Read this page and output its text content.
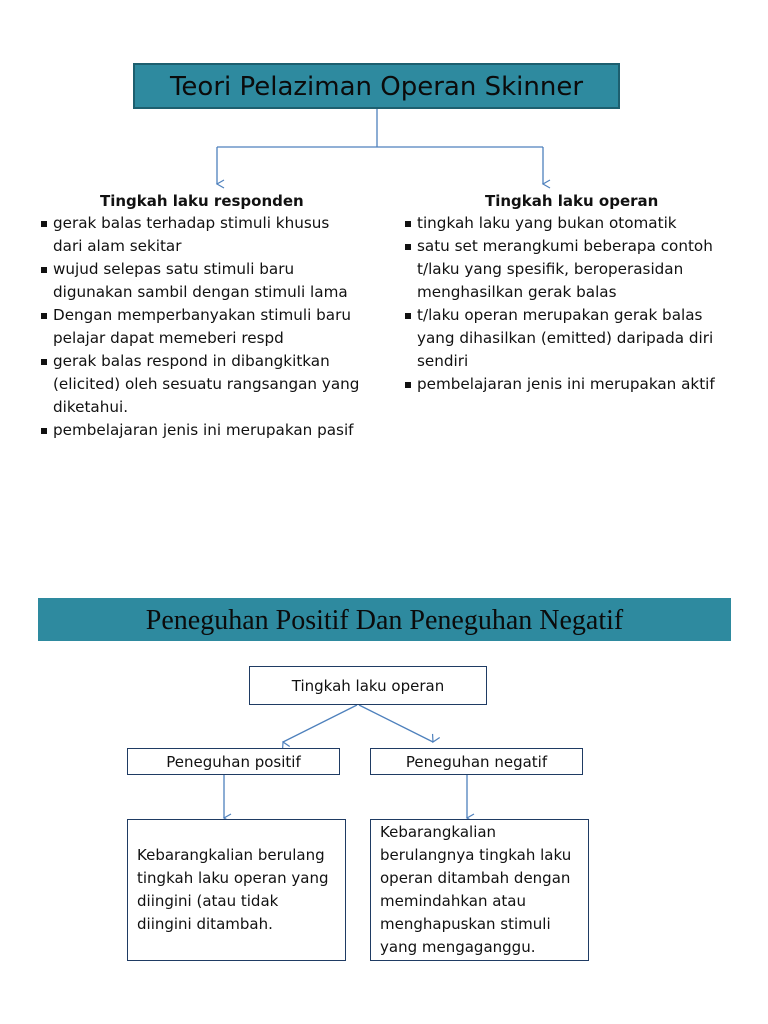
Teori Pelaziman Operan Skinner
Tingkah laku responden
gerak balas terhadap stimuli khusus dari alam sekitar
wujud selepas satu stimuli baru digunakan sambil dengan stimuli lama
Dengan memperbanyakan stimuli baru pelajar dapat memeberi respd
gerak balas respond in dibangkitkan (elicited) oleh sesuatu rangsangan yang diketahui.
pembelajaran jenis ini merupakan pasif
Tingkah laku operan
tingkah laku yang bukan otomatik
satu set merangkumi beberapa contoh t/laku yang spesifik, beroperasidan menghasilkan gerak balas
t/laku operan merupakan gerak balas yang dihasilkan (emitted) daripada diri sendiri
pembelajaran jenis ini merupakan aktif
Peneguhan Positif Dan Peneguhan Negatif
Tingkah laku operan
Peneguhan positif	Peneguhan negatif
Kebarangkalian berulang tingkah laku operan yang diingini (atau tidak diingini ditambah.
Kebarangkalian berulangnya tingkah laku operan ditambah dengan memindahkan atau menghapuskan stimuli yang mengaganggu.
